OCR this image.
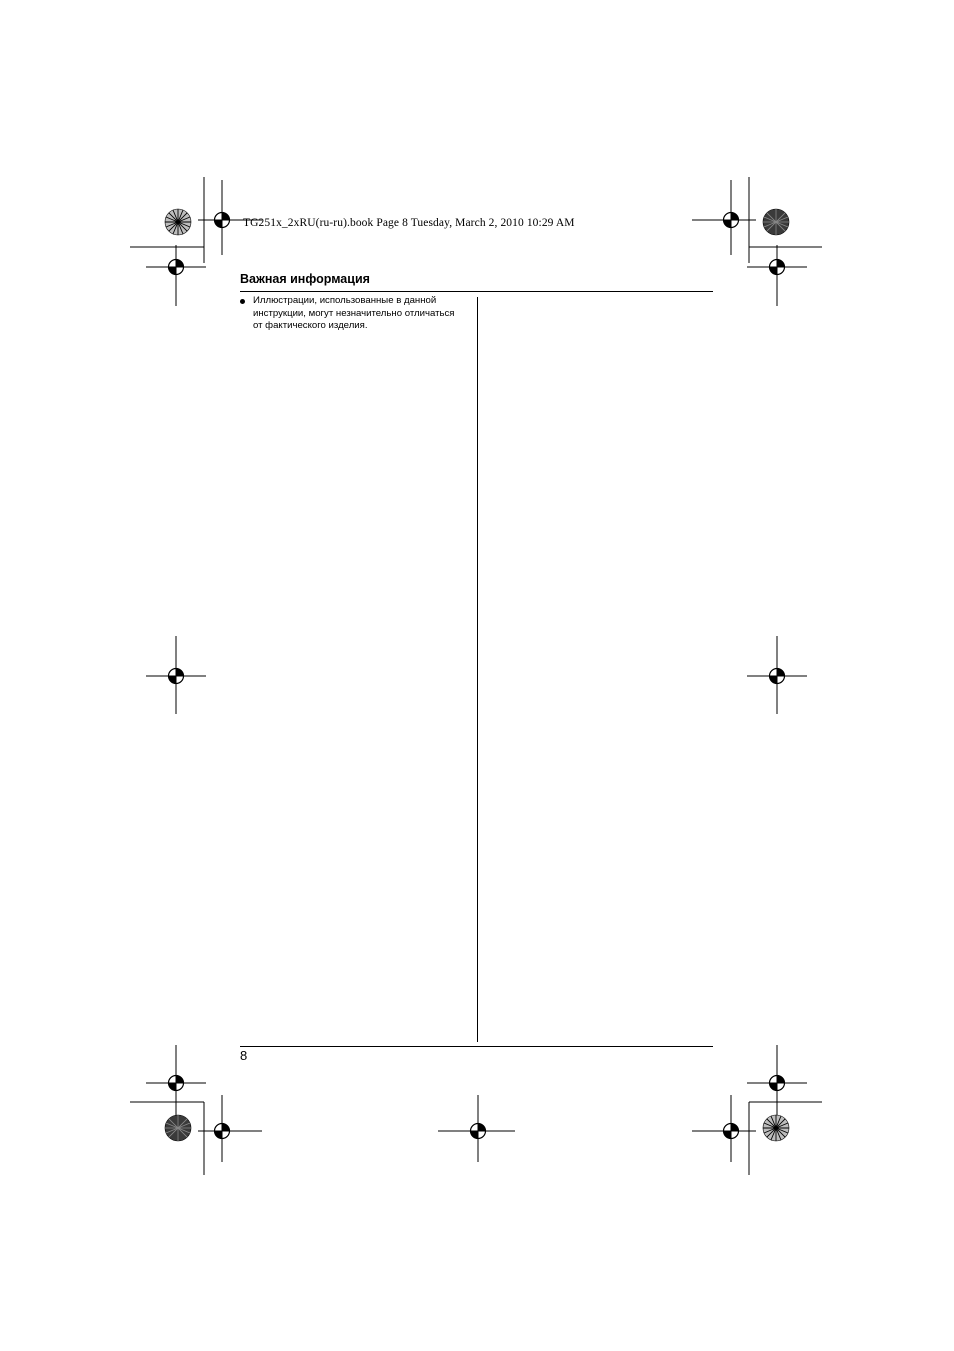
TG251x_2xRU(ru-ru).book Page 8 Tuesday, March 2, 2010 10:29 AM
Важная информация
Иллюстрации, использованные в данной
инструкции, могут незначительно отличаться
от фактического изделия.
8
